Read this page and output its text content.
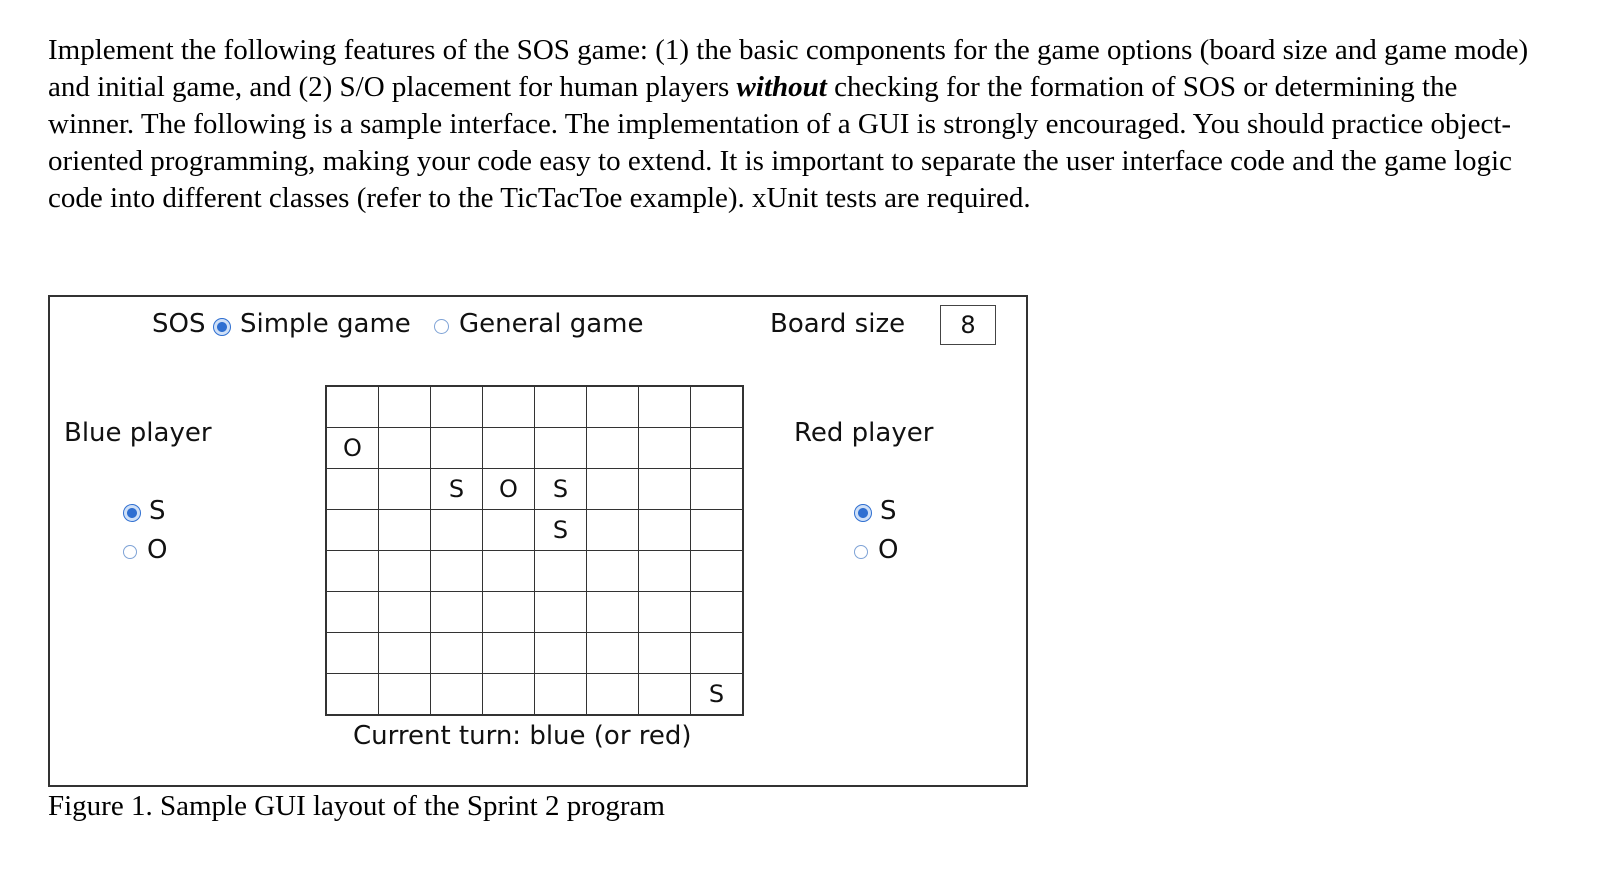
Implement the following features of the SOS game: (1) the basic components for the game options (board size and game mode) and initial game, and (2) S/O placement for human players without checking for the formation of SOS or determining the winner. The following is a sample interface. The implementation of a GUI is strongly encouraged. You should practice object-oriented programming, making your code easy to extend. It is important to separate the user interface code and the game logic code into different classes (refer to the TicTacToe example). xUnit tests are required.

SOS Simple game General game	Board size
8
Blue player
S
O

O							
		S	O	S			
				S			

							S
Red player
S
O
Current turn: blue (or red)
Figure 1. Sample GUI layout of the Sprint 2 program
